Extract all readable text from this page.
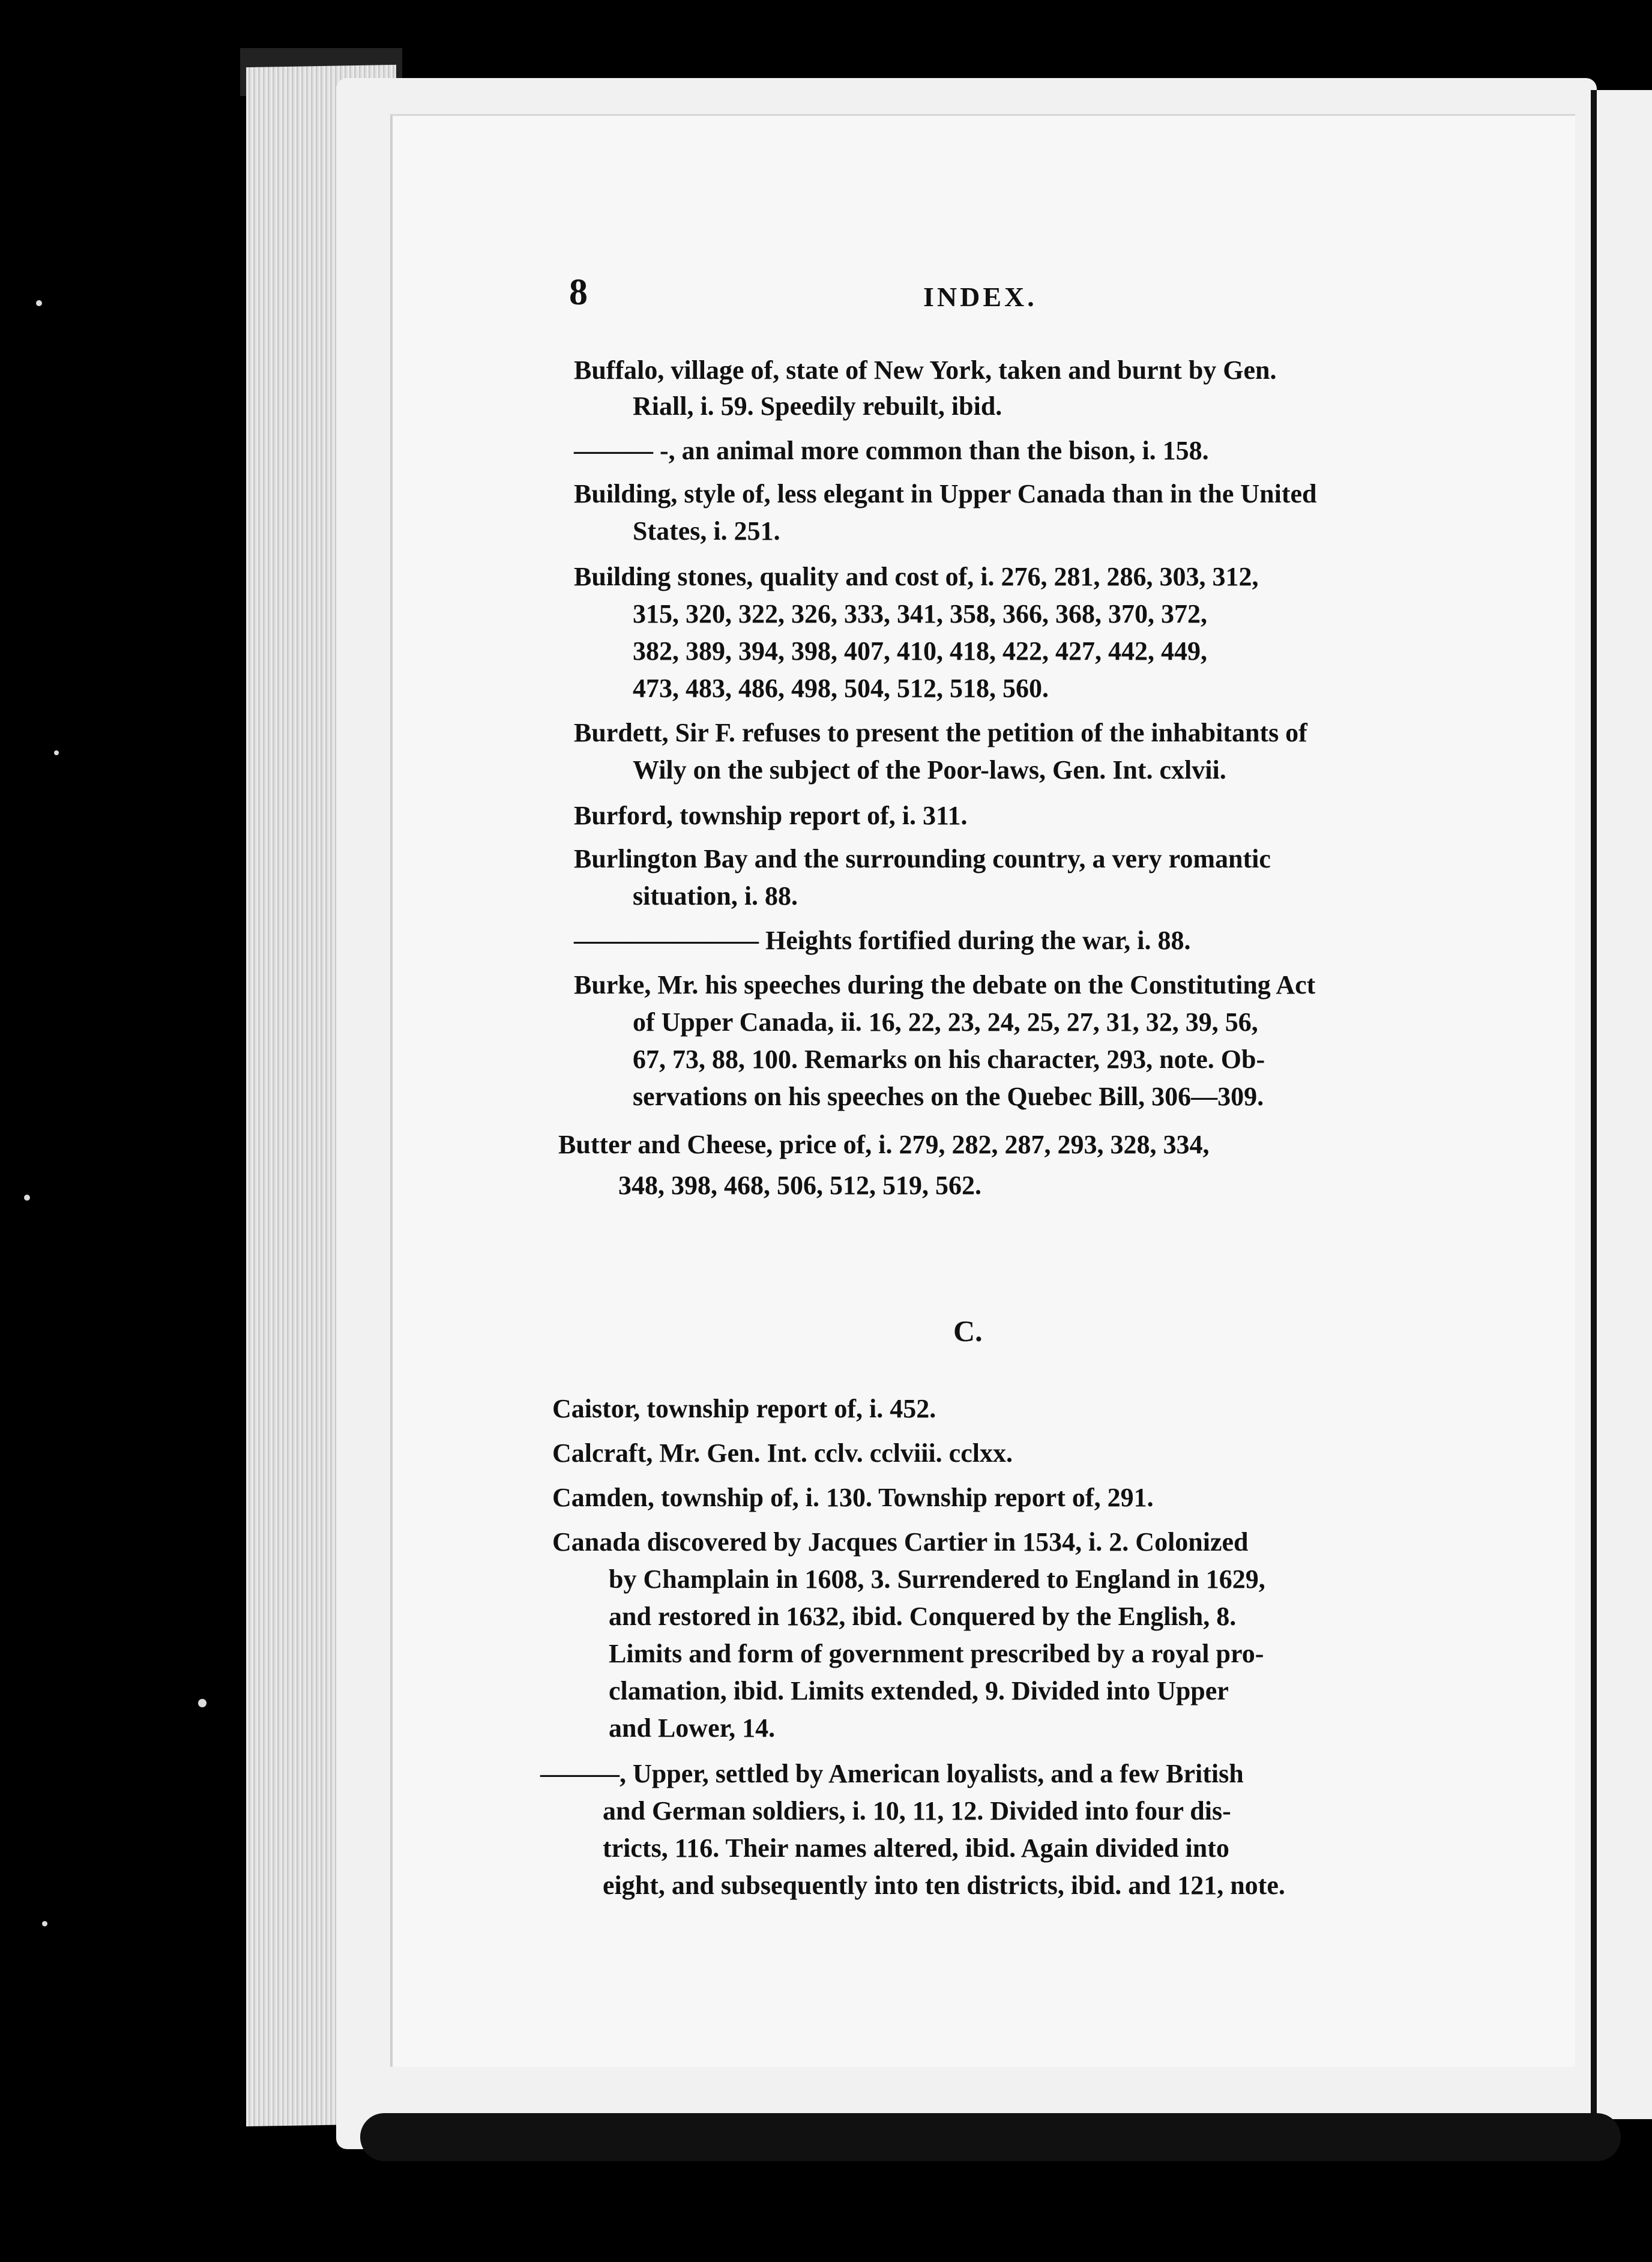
8	INDEX.
Buffalo, village of, state of New York, taken and burnt by Gen.
Riall, i. 59. Speedily rebuilt, ibid.
——— -, an animal more common than the bison, i. 158.
Building, style of, less elegant in Upper Canada than in the United
States, i. 251.
Building stones, quality and cost of, i. 276, 281, 286, 303, 312,
315, 320, 322, 326, 333, 341, 358, 366, 368, 370, 372,
382, 389, 394, 398, 407, 410, 418, 422, 427, 442, 449,
473, 483, 486, 498, 504, 512, 518, 560.
Burdett, Sir F. refuses to present the petition of the inhabitants of
Wily on the subject of the Poor-laws, Gen. Int. cxlvii.
Burford, township report of, i. 311.
Burlington Bay and the surrounding country, a very romantic
situation, i. 88.
——————— Heights fortified during the war, i. 88.
Burke, Mr. his speeches during the debate on the Constituting Act
of Upper Canada, ii. 16, 22, 23, 24, 25, 27, 31, 32, 39, 56,
67, 73, 88, 100. Remarks on his character, 293, note. Ob-
servations on his speeches on the Quebec Bill, 306—309.
Butter and Cheese, price of, i. 279, 282, 287, 293, 328, 334,
348, 398, 468, 506, 512, 519, 562.
C.
Caistor, township report of, i. 452.
Calcraft, Mr. Gen. Int. cclv. cclviii. cclxx.
Camden, township of, i. 130. Township report of, 291.
Canada discovered by Jacques Cartier in 1534, i. 2. Colonized
by Champlain in 1608, 3. Surrendered to England in 1629,
and restored in 1632, ibid. Conquered by the English, 8.
Limits and form of government prescribed by a royal pro-
clamation, ibid. Limits extended, 9. Divided into Upper
and Lower, 14.
———, Upper, settled by American loyalists, and a few British
and German soldiers, i. 10, 11, 12. Divided into four dis-
tricts, 116. Their names altered, ibid. Again divided into
eight, and subsequently into ten districts, ibid. and 121, note.
